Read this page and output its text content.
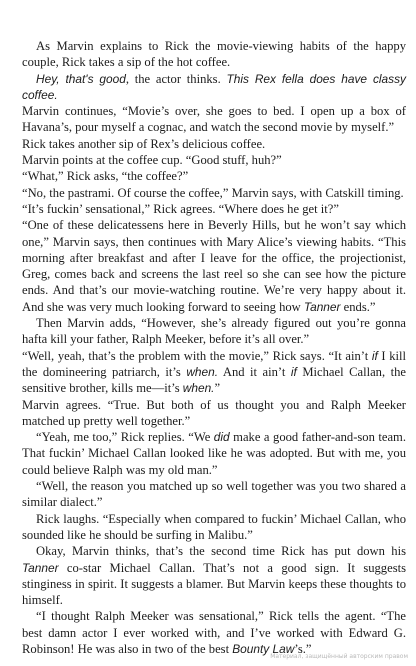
As Marvin explains to Rick the movie-viewing habits of the happy couple, Rick takes a sip of the hot coffee.

Hey, that's good, the actor thinks. This Rex fella does have classy coffee.

Marvin continues, “Movie’s over, she goes to bed. I open up a box of Havana’s, pour myself a cognac, and watch the second movie by myself.”

Rick takes another sip of Rex’s delicious coffee.

Marvin points at the coffee cup. “Good stuff, huh?”

“What,” Rick asks, “the coffee?”

“No, the pastrami. Of course the coffee,” Marvin says, with Catskill timing.

“It’s fuckin’ sensational,” Rick agrees. “Where does he get it?”

“One of these delicatessens here in Beverly Hills, but he won’t say which one,” Marvin says, then continues with Mary Alice’s viewing habits. “This morning after breakfast and after I leave for the office, the projectionist, Greg, comes back and screens the last reel so she can see how the picture ends. And that’s our movie-watching routine. We’re very happy about it. And she was very much looking forward to seeing how Tanner ends.”

Then Marvin adds, “However, she’s already figured out you’re gonna hafta kill your father, Ralph Meeker, before it’s all over.”

“Well, yeah, that’s the problem with the movie,” Rick says. “It ain’t if I kill the domineering patriarch, it’s when. And it ain’t if Michael Callan, the sensitive brother, kills me—it’s when.”

Marvin agrees. “True. But both of us thought you and Ralph Meeker matched up pretty well together.”

“Yeah, me too,” Rick replies. “We did make a good father-and-son team. That fuckin’ Michael Callan looked like he was adopted. But with me, you could believe Ralph was my old man.”

“Well, the reason you matched up so well together was you two shared a similar dialect.”

Rick laughs. “Especially when compared to fuckin’ Michael Callan, who sounded like he should be surfing in Malibu.”

Okay, Marvin thinks, that’s the second time Rick has put down his Tanner co-star Michael Callan. That’s not a good sign. It suggests stinginess in spirit. It suggests a blamer. But Marvin keeps these thoughts to himself.

“I thought Ralph Meeker was sensational,” Rick tells the agent. “The best damn actor I ever worked with, and I’ve worked with Edward G. Robinson! He was also in two of the best Bounty Law’s.”

Материал, защищённый авторским правом
